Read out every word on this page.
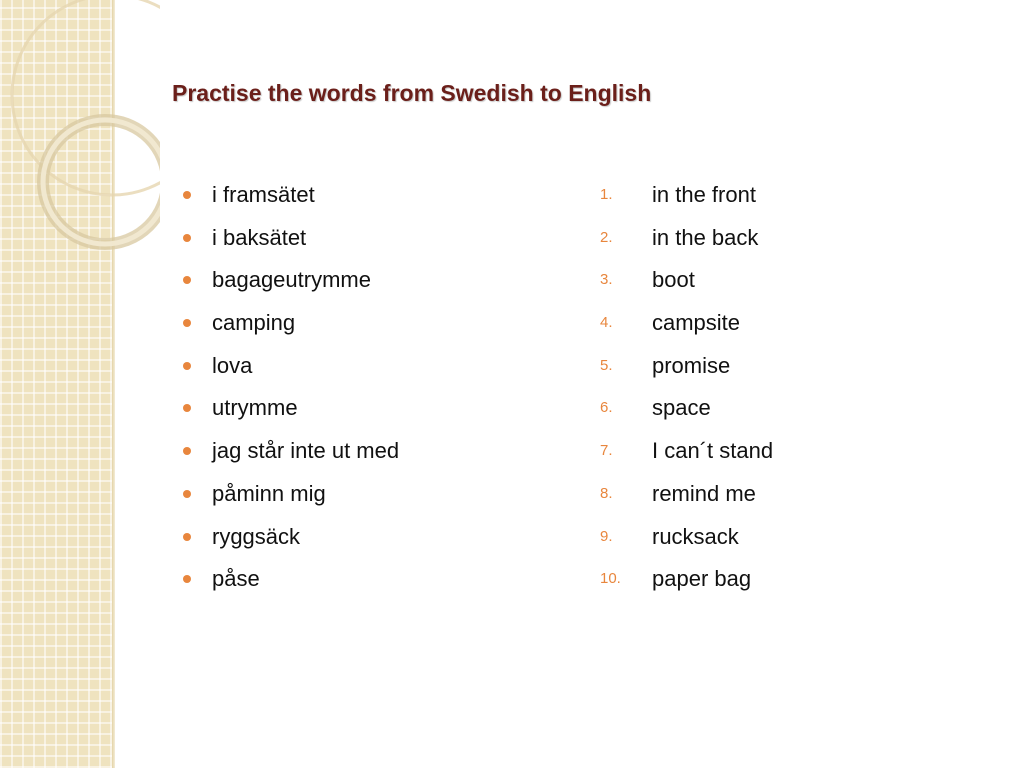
Practise the words from Swedish to English
i framsätet
i baksätet
bagageutrymme
camping
lova
utrymme
jag står inte ut med
påminn mig
ryggsäck
påse
1. in the front
2. in the back
3. boot
4. campsite
5. promise
6. space
7. I can´t stand
8. remind me
9. rucksack
10. paper bag
